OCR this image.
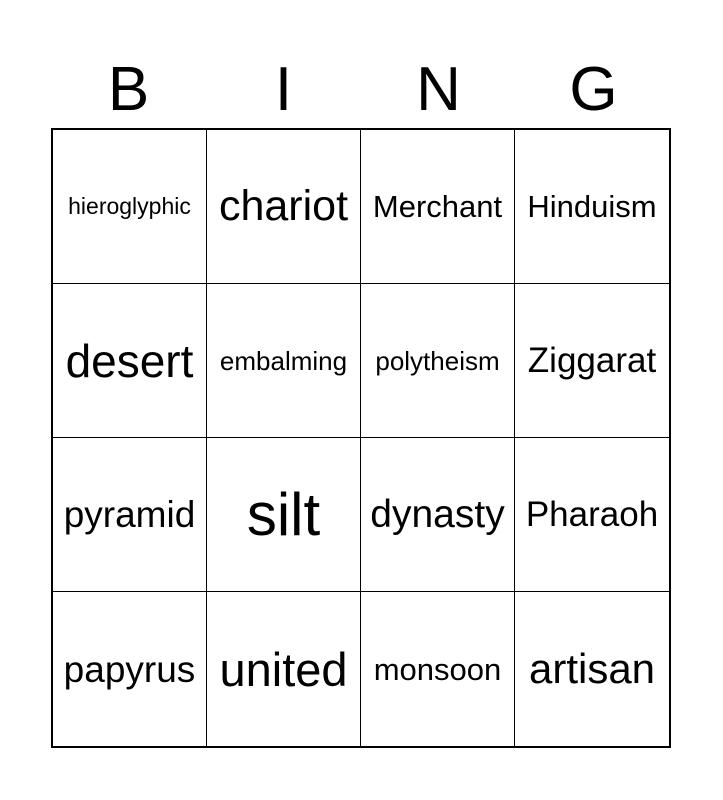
B	I	N	G
hieroglyphic chariot Merchant Hinduism
desert	embalming	polytheism Ziggarat
pyramid silt	dynasty Pharaoh
papyrus united monsoon artisan
